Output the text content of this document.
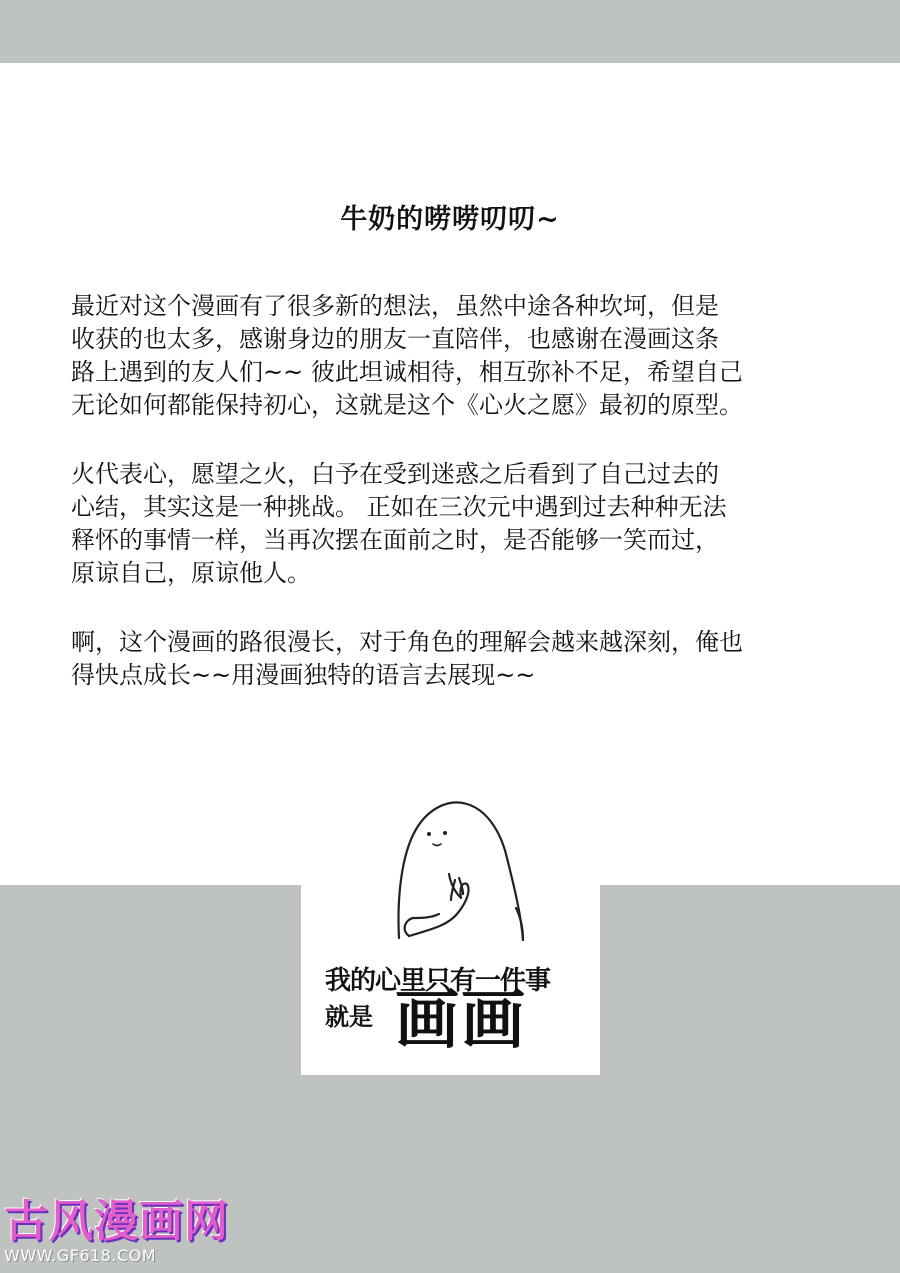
牛奶的唠唠叨叨~
最近对这个漫画有了很多新的想法，虽然中途各种坎坷，但是
收获的也太多，感谢身边的朋友一直陪伴，也感谢在漫画这条
路上遇到的友人们~~ 彼此坦诚相待，相互弥补不足，希望自己
无论如何都能保持初心，这就是这个《心火之愿》最初的原型。
火代表心，愿望之火，白予在受到迷惑之后看到了自己过去的
心结，其实这是一种挑战。 正如在三次元中遇到过去种种无法
释怀的事情一样，当再次摆在面前之时，是否能够一笑而过，
原谅自己，原谅他人。
啊，这个漫画的路很漫长，对于角色的理解会越来越深刻，俺也
得快点成长~~用漫画独特的语言去展现~~
我的心里只有一件事
就是 画画
古风漫画网
WWW.GF618.COM
